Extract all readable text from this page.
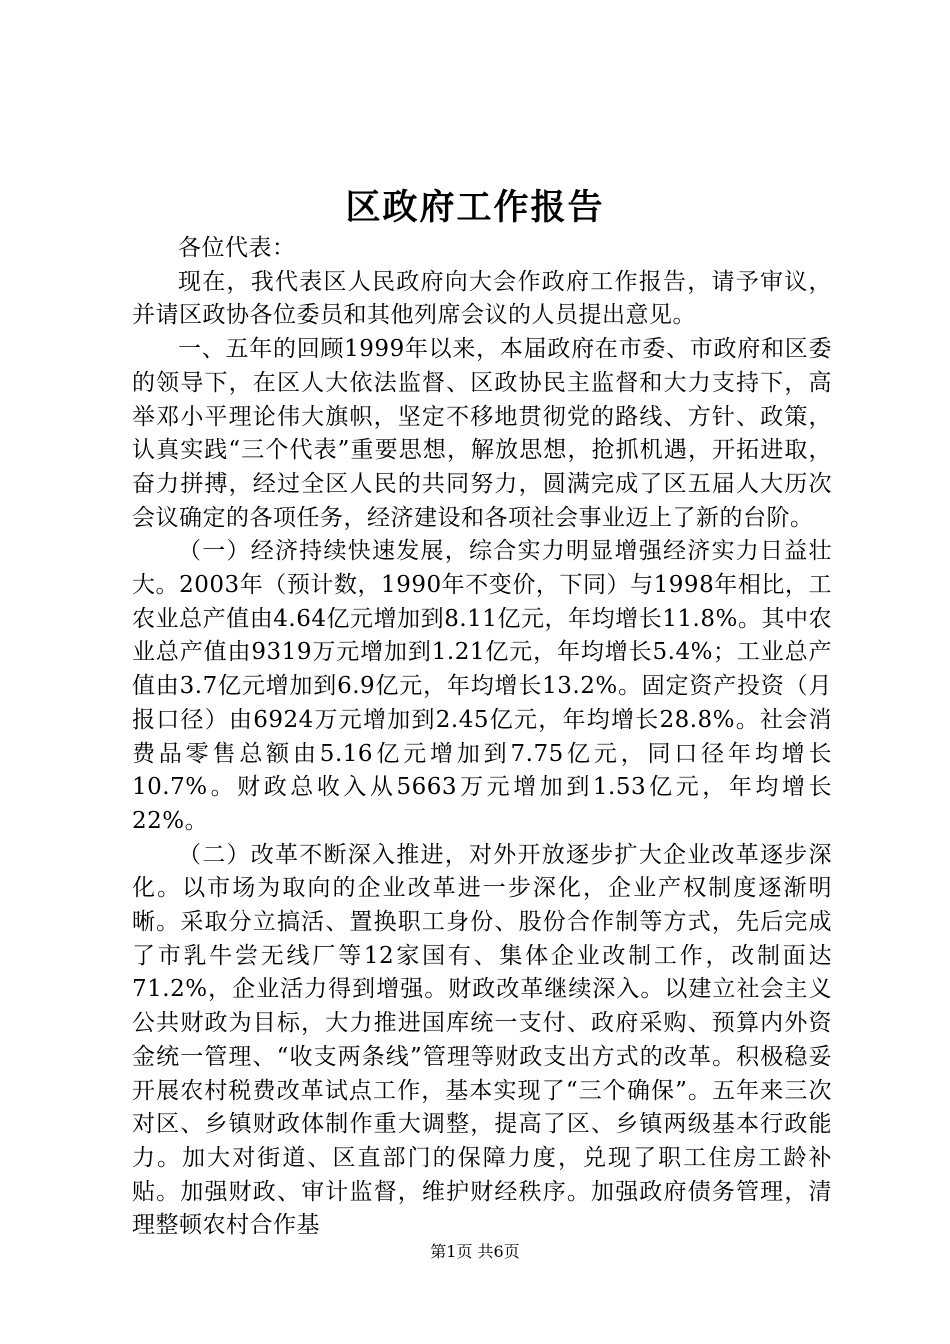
区政府工作报告

各位代表：

现在，我代表区人民政府向大会作政府工作报告，请予审议，并请区政协各位委员和其他列席会议的人员提出意见。

一、五年的回顾1999年以来，本届政府在市委、市政府和区委的领导下，在区人大依法监督、区政协民主监督和大力支持下，高举邓小平理论伟大旗帜，坚定不移地贯彻党的路线、方针、政策，认真实践“三个代表”重要思想，解放思想，抢抓机遇，开拓进取，奋力拼搏，经过全区人民的共同努力，圆满完成了区五届人大历次会议确定的各项任务，经济建设和各项社会事业迈上了新的台阶。

（一）经济持续快速发展，综合实力明显增强经济实力日益壮大。2003年（预计数，1990年不变价，下同）与1998年相比，工农业总产值由4.64亿元增加到8.11亿元，年均增长11.8%。其中农业总产值由9319万元增加到1.21亿元，年均增长5.4%；工业总产值由3.7亿元增加到6.9亿元，年均增长13.2%。固定资产投资（月报口径）由6924万元增加到2.45亿元，年均增长28.8%。社会消费品零售总额由5.16亿元增加到7.75亿元，同口径年均增长10.7%。财政总收入从5663万元增加到1.53亿元，年均增长22%。

（二）改革不断深入推进，对外开放逐步扩大企业改革逐步深化。以市场为取向的企业改革进一步深化，企业产权制度逐渐明晰。采取分立搞活、置换职工身份、股份合作制等方式，先后完成了市乳牛尝无线厂等12家国有、集体企业改制工作，改制面达71.2%，企业活力得到增强。财政改革继续深入。以建立社会主义公共财政为目标，大力推进国库统一支付、政府采购、预算内外资金统一管理、“收支两条线”管理等财政支出方式的改革。积极稳妥开展农村税费改革试点工作，基本实现了“三个确保”。五年来三次对区、乡镇财政体制作重大调整，提高了区、乡镇两级基本行政能力。加大对街道、区直部门的保障力度，兑现了职工住房工龄补贴。加强财政、审计监督，维护财经秩序。加强政府债务管理，清理整顿农村合作基

第1页 共6页
